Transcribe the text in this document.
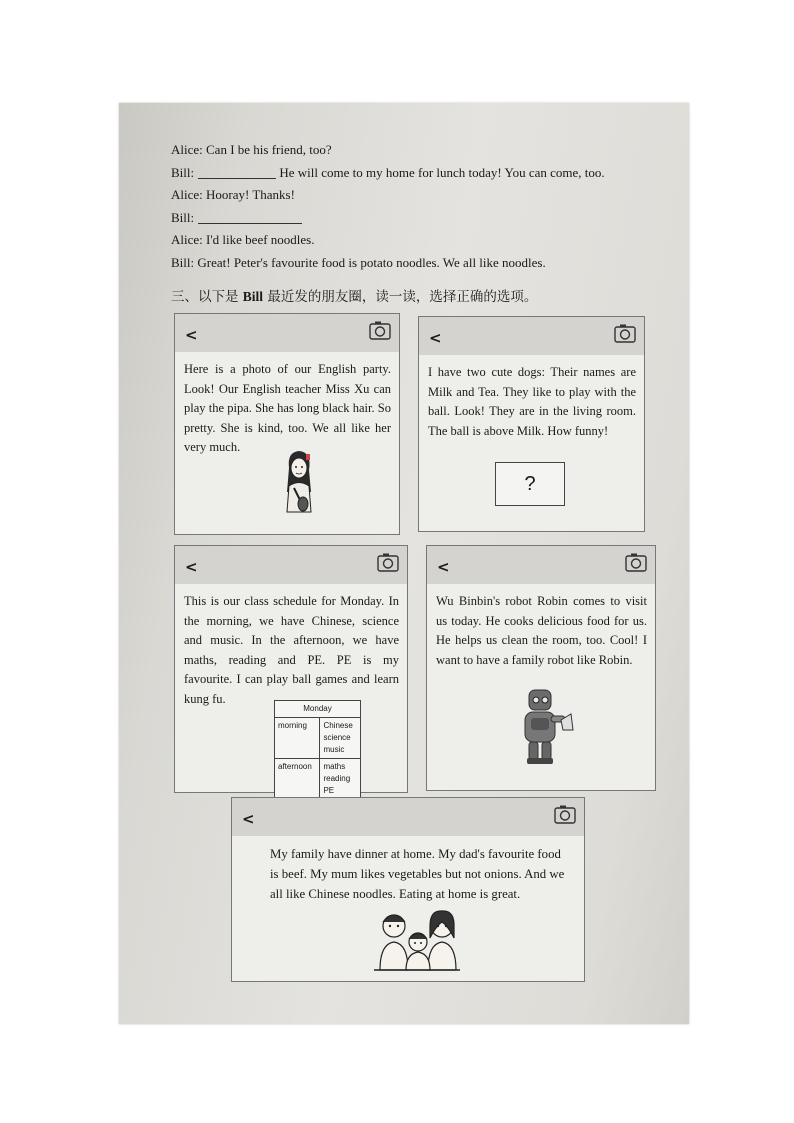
Alice: Can I be his friend, too?
Bill:	He will come to my home for lunch today! You can come, too.
Alice: Hooray! Thanks!
Bill:
Alice: I'd like beef noodles.
Bill: Great! Peter's favourite food is potato noodles. We all like noodles.
三、以下是 Bill 最近发的朋友圈，读一读，选择正确的选项。
<
Here is a photo of our English party. Look! Our English teacher Miss Xu can play the pipa. She has long black hair. So pretty. She is kind, too. We all like her very much.
<
I have two cute dogs: Their names are Milk and Tea. They like to play with the ball. Look! They are in the living room. The ball is above Milk. How funny!
?
<
This is our class schedule for Monday. In the morning, we have Chinese, science and music. In the afternoon, we have maths, reading and PE. PE is my favourite. I can play ball games and learn kung fu.
Monday	
morning	Chinese
science
music

afternoon	maths
reading
PE
<
Wu Binbin's robot Robin comes to visit us today. He cooks delicious food for us. He helps us clean the room, too. Cool! I want to have a family robot like Robin.
<
My family have dinner at home. My dad's favourite food is beef. My mum likes vegetables but not onions. And we all like Chinese noodles. Eating at home is great.
